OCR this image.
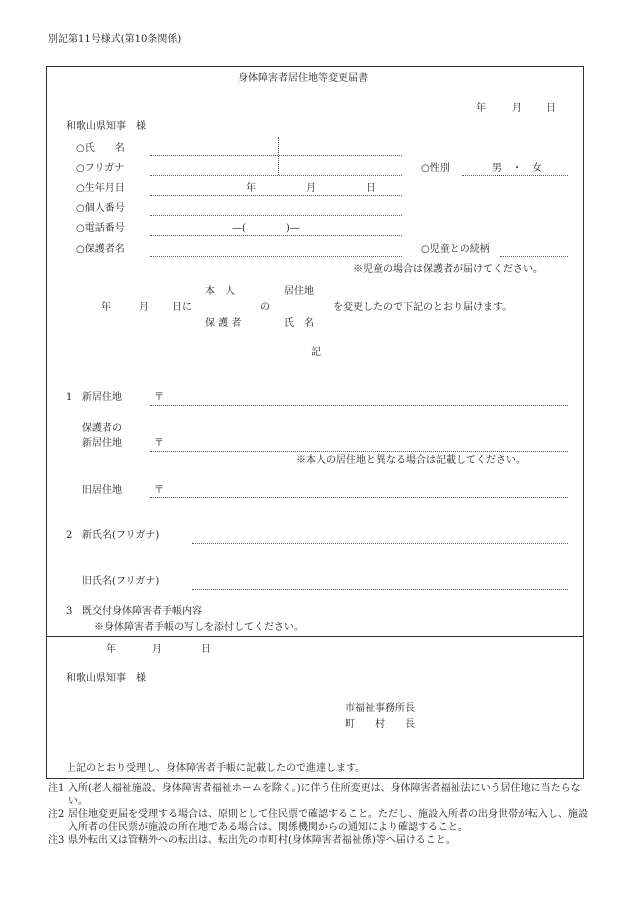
別記第11号様式(第10条関係)
身体障害者居住地等変更届書
年	月 日
和歌山県知事　様
○氏　　名
○フリガナ	○性別	男　・　女
○生年月日	年	月	日
○個人番号
○電話番号	—(　　　　)—
○保護者名	○児童との続柄
※児童の場合は保護者が届けてください。
本　人	居住地
年	月 日に	の	を変更したので下記のとおり届けます。
保 護 者	氏　名
記
1 新居住地	〒
保護者の
新居住地	〒
※本人の居住地と異なる場合は記載してください。
旧居住地	〒
2 新氏名(フリガナ)
旧氏名(フリガナ)
3 既交付身体障害者手帳内容
※身体障害者手帳の写しを添付してください。
年	月	日
和歌山県知事　様
市福祉事務所長
町　　村　　長
上記のとおり受理し、身体障害者手帳に記載したので進達します。
注1 入所(老人福祉施設、身体障害者福祉ホームを除く。)に伴う住所変更は、身体障害者福祉法にいう居住地に当たらない。
注2 居住地変更届を受理する場合は、原則として住民票で確認すること。ただし、施設入所者の出身世帯が転入し、施設入所者の住民票が施設の所在地である場合は、関係機関からの通知により確認すること。
注3 県外転出又は管轄外への転出は、転出先の市町村(身体障害者福祉係)等へ届けること。
